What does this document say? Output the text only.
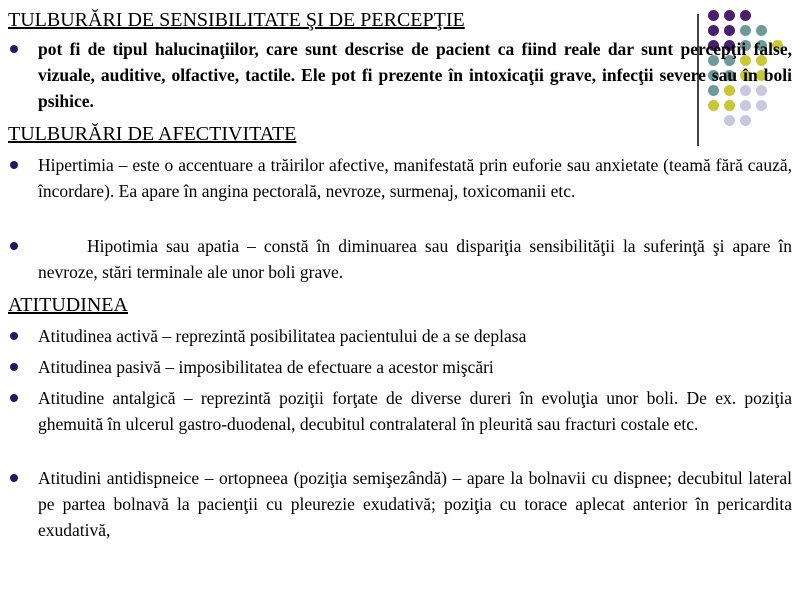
TULBURĂRI DE SENSIBILITATE ŞI DE PERCEPŢIE
pot fi de tipul halucinaţiilor, care sunt descrise de pacient ca fiind reale dar sunt percepţii false, vizuale, auditive, olfactive, tactile. Ele pot fi prezente în intoxicaţii grave, infecţii severe sau în boli psihice.
TULBURĂRI DE AFECTIVITATE
Hipertimia – este o accentuare a trăirilor afective, manifestată prin euforie sau anxietate (teamă fără cauză, încordare). Ea apare în angina pectorală, nevroze, surmenaj, toxicomanii etc.
Hipotimia sau apatia – constă în diminuarea sau dispariţia sensibilităţii la suferinţă şi apare în nevroze, stări terminale ale unor boli grave.
ATITUDINEA
Atitudinea activă – reprezintă posibilitatea pacientului de a se deplasa
Atitudinea pasivă – imposibilitatea de efectuare a acestor mişcări
Atitudine antalgică – reprezintă poziţii forţate de diverse dureri în evoluţia unor boli. De ex. poziţia ghemuită în ulcerul gastro-duodenal, decubitul contralateral în pleurită sau fracturi costale etc.
Atitudini antidispneice – ortopneea (poziţia semişezândă) – apare la bolnavii cu dispnee; decubitul lateral pe partea bolnavă la pacienţii cu pleurezie exudativă; poziţia cu torace aplecat anterior în pericardita exudativă,
